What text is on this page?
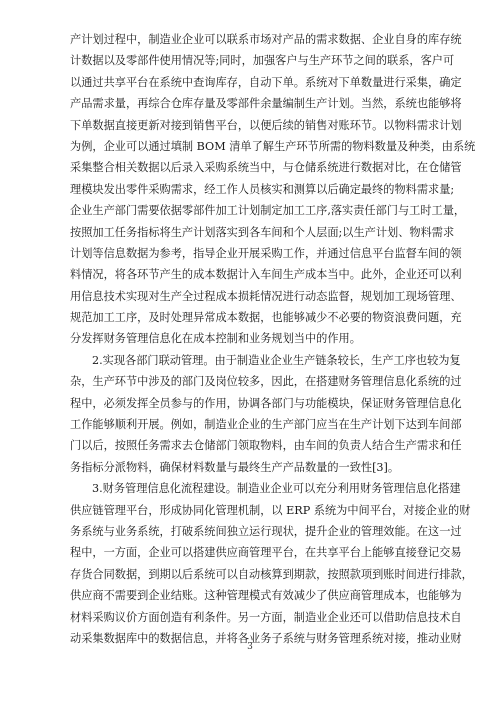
产计划过程中，制造业企业可以联系市场对产品的需求数据、企业自身的库存统
计数据以及零部件使用情况等;同时，加强客户与生产环节之间的联系，客户可
以通过共享平台在系统中查询库存，自动下单。系统对下单数量进行采集，确定
产品需求量，再综合仓库存量及零部件余量编制生产计划。当然，系统也能够将
下单数据直接更新对接到销售平台，以便后续的销售对账环节。以物料需求计划
为例，企业可以通过填制 BOM 清单了解生产环节所需的物料数量及种类，由系统
采集整合相关数据以后录入采购系统当中，与仓储系统进行数据对比，在仓储管
理模块发出零件采购需求，经工作人员核实和测算以后确定最终的物料需求量;
企业生产部门需要依据零部件加工计划制定加工工序,落实责任部门与工时工量，
按照加工任务指标将生产计划落实到各车间和个人层面;以生产计划、物料需求
计划等信息数据为参考，指导企业开展采购工作，并通过信息平台监督车间的领
料情况，将各环节产生的成本数据计入车间生产成本当中。此外，企业还可以利
用信息技术实现对生产全过程成本损耗情况进行动态监督，规划加工现场管理、
规范加工工序，及时处理异常成本数据，也能够减少不必要的物资浪费问题，充
分发挥财务管理信息化在成本控制和业务规划当中的作用。
2.实现各部门联动管理。由于制造业企业生产链条较长，生产工序也较为复
杂，生产环节中涉及的部门及岗位较多，因此，在搭建财务管理信息化系统的过
程中，必须发挥全员参与的作用，协调各部门与功能模块，保证财务管理信息化
工作能够顺利开展。例如，制造业企业的生产部门应当在生产计划下达到车间部
门以后，按照任务需求去仓储部门领取物料，由车间的负责人结合生产需求和任
务指标分派物料，确保材料数量与最终生产产品数量的一致性[3]。
3.财务管理信息化流程建设。制造业企业可以充分利用财务管理信息化搭建
供应链管理平台，形成协同化管理机制，以 ERP 系统为中间平台，对接企业的财
务系统与业务系统，打破系统间独立运行现状，提升企业的管理效能。在这一过
程中，一方面，企业可以搭建供应商管理平台，在共享平台上能够直接登记交易
存货合同数据，到期以后系统可以自动核算到期款，按照款项到账时间进行排款，
供应商不需要到企业结账。这种管理模式有效减少了供应商管理成本，也能够为
材料采购议价方面创造有利条件。另一方面，制造业企业还可以借助信息技术自
动采集数据库中的数据信息，并将各业务子系统与财务管理系统对接，推动业财
3
